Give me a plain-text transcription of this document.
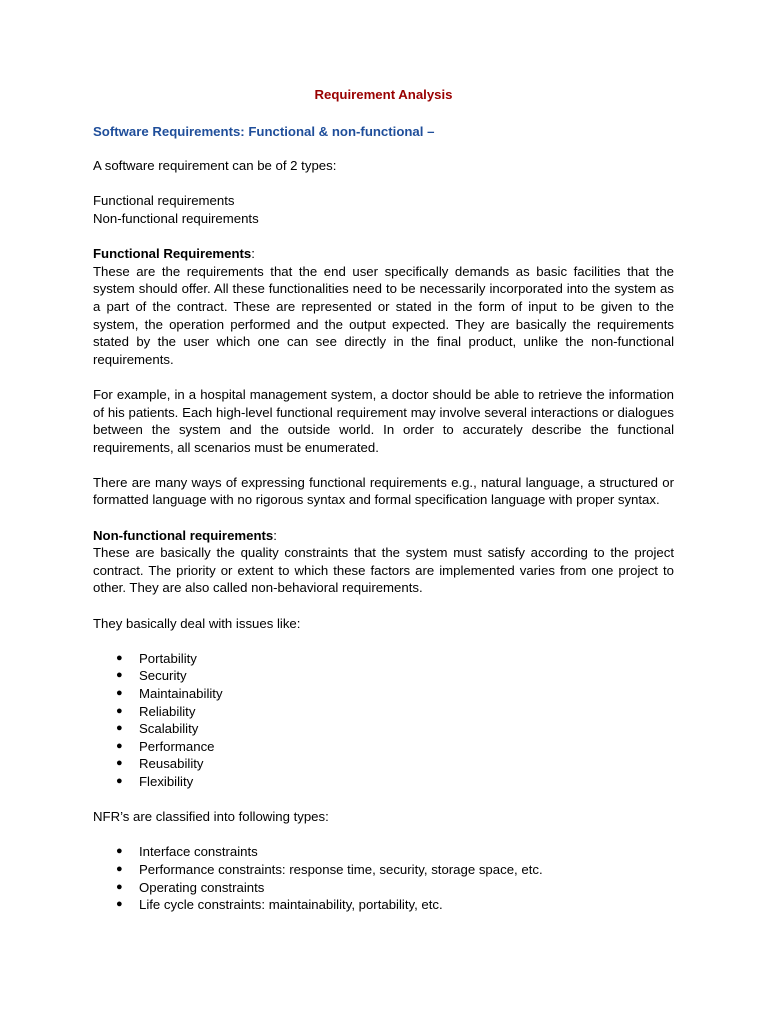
Requirement Analysis
Software Requirements: Functional & non-functional –

A software requirement can be of 2 types:

Functional requirements

Non-functional requirements

Functional Requirements:

These are the requirements that the end user specifically demands as basic facilities that the system should offer. All these functionalities need to be necessarily incorporated into the system as a part of the contract. These are represented or stated in the form of input to be given to the system, the operation performed and the output expected. They are basically the requirements stated by the user which one can see directly in the final product, unlike the non-functional requirements.

For example, in a hospital management system, a doctor should be able to retrieve the information of his patients. Each high-level functional requirement may involve several interactions or dialogues between the system and the outside world. In order to accurately describe the functional requirements, all scenarios must be enumerated.

There are many ways of expressing functional requirements e.g., natural language, a structured or formatted language with no rigorous syntax and formal specification language with proper syntax.

Non-functional requirements:

These are basically the quality constraints that the system must satisfy according to the project contract. The priority or extent to which these factors are implemented varies from one project to other. They are also called non-behavioral requirements.

They basically deal with issues like:

● Portability
● Security
● Maintainability
● Reliability
● Scalability
● Performance
● Reusability
● Flexibility

NFR’s are classified into following types:

● Interface constraints
● Performance constraints: response time, security, storage space, etc.
● Operating constraints
● Life cycle constraints: maintainability, portability, etc.
